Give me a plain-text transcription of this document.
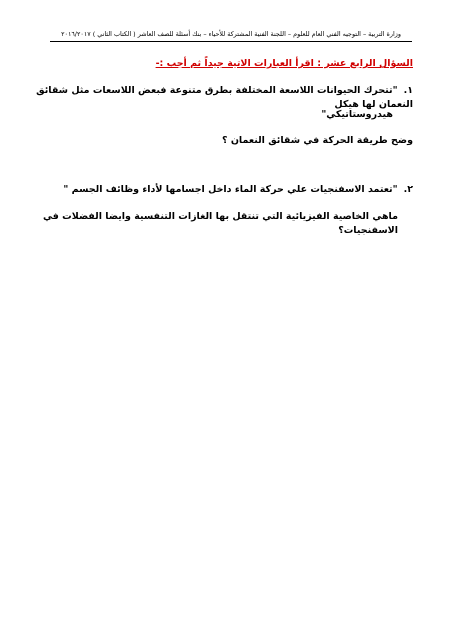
وزارة التربية – التوجيه الفني العام للعلوم – اللجنة الفنية المشتركة للأحياء – بنك أسئلة للصف العاشر ( الكتاب الثاني ) ٢٠١٦/٢٠١٧
السؤال الرابع عشر : اقرأ العبارات الاتية جيداً ثم أجب :-
١."تتحرك الحيوانات اللاسعة المختلفة بطرق متنوعة فبعض اللاسعات مثل شقائق النعمان لها هيكل
هيدروستاتيكي"
وضح طريقة الحركة في شقائق النعمان ؟
٢."تعتمد الاسفنجيات علي حركة الماء داخل اجسامها لأداء وظائف الجسم "
ماهي الخاصية الفيزيائية التي تنتقل بها الغازات التنفسية وايضا الفضلات في الاسفنجيات؟
